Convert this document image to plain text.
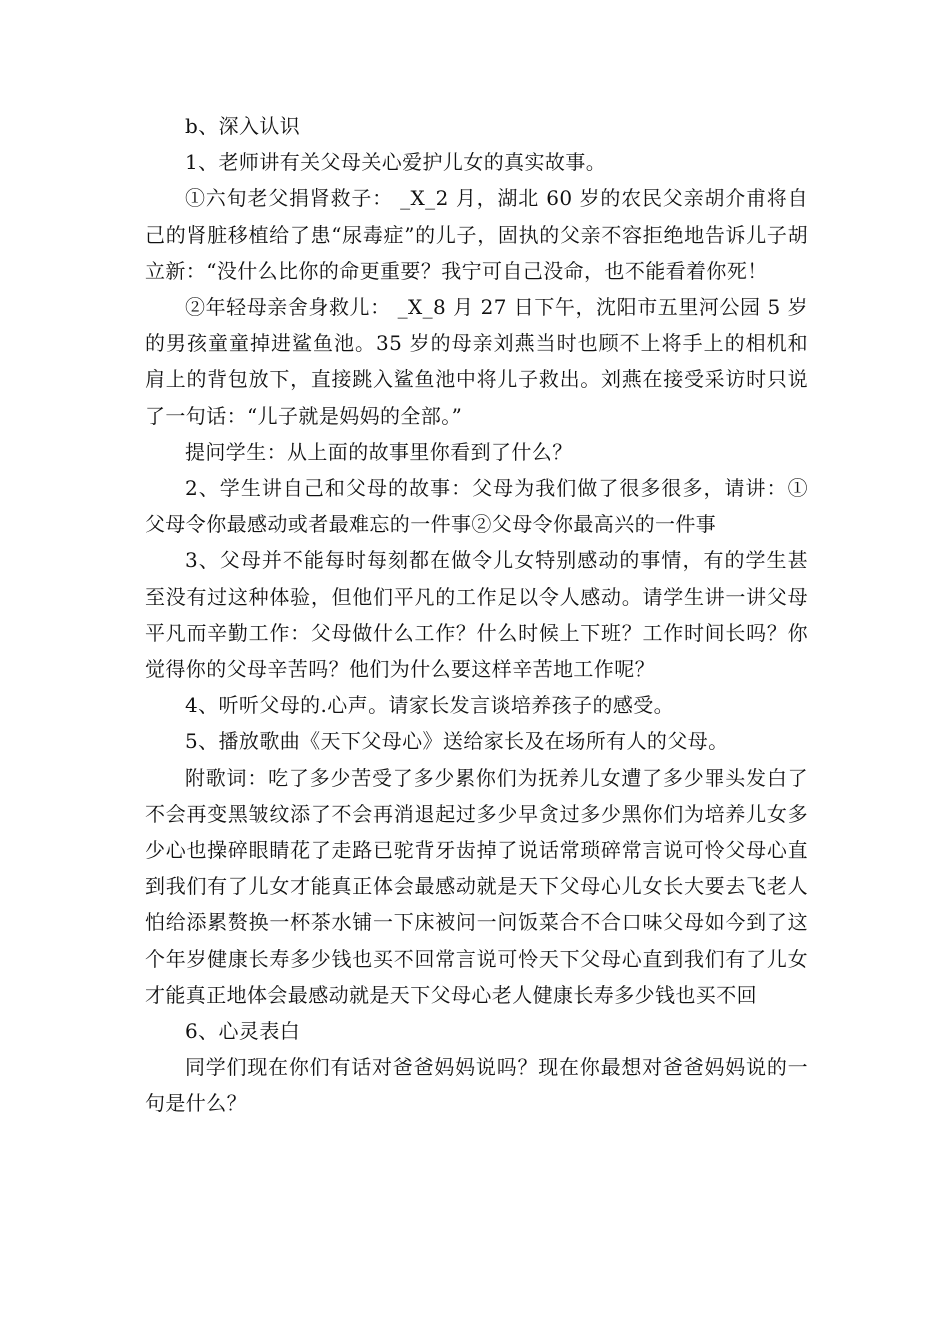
b、深入认识

1、老师讲有关父母关心爱护儿女的真实故事。

①六旬老父捐肾救子： _X_2 月，湖北 60 岁的农民父亲胡介甫将自己的肾脏移植给了患“尿毒症”的儿子，固执的父亲不容拒绝地告诉儿子胡立新：“没什么比你的命更重要？我宁可自己没命，也不能看着你死！

②年轻母亲舍身救儿： _X_8 月 27 日下午，沈阳市五里河公园 5 岁的男孩童童掉进鲨鱼池。35 岁的母亲刘燕当时也顾不上将手上的相机和肩上的背包放下，直接跳入鲨鱼池中将儿子救出。刘燕在接受采访时只说了一句话：“儿子就是妈妈的全部。”

提问学生：从上面的故事里你看到了什么？

2、学生讲自己和父母的故事：父母为我们做了很多很多，请讲：①父母令你最感动或者最难忘的一件事②父母令你最高兴的一件事

3、父母并不能每时每刻都在做令儿女特别感动的事情，有的学生甚至没有过这种体验，但他们平凡的工作足以令人感动。请学生讲一讲父母平凡而辛勤工作：父母做什么工作？什么时候上下班？工作时间长吗？你觉得你的父母辛苦吗？他们为什么要这样辛苦地工作呢？

4、听听父母的.心声。请家长发言谈培养孩子的感受。

5、播放歌曲《天下父母心》送给家长及在场所有人的父母。

附歌词：吃了多少苦受了多少累你们为抚养儿女遭了多少罪头发白了不会再变黑皱纹添了不会再消退起过多少早贪过多少黑你们为培养儿女多少心也操碎眼睛花了走路已驼背牙齿掉了说话常琐碎常言说可怜父母心直到我们有了儿女才能真正体会最感动就是天下父母心儿女长大要去飞老人怕给添累赘换一杯茶水铺一下床被问一问饭菜合不合口味父母如今到了这个年岁健康长寿多少钱也买不回常言说可怜天下父母心直到我们有了儿女才能真正地体会最感动就是天下父母心老人健康长寿多少钱也买不回

6、心灵表白

同学们现在你们有话对爸爸妈妈说吗？现在你最想对爸爸妈妈说的一句是什么？
